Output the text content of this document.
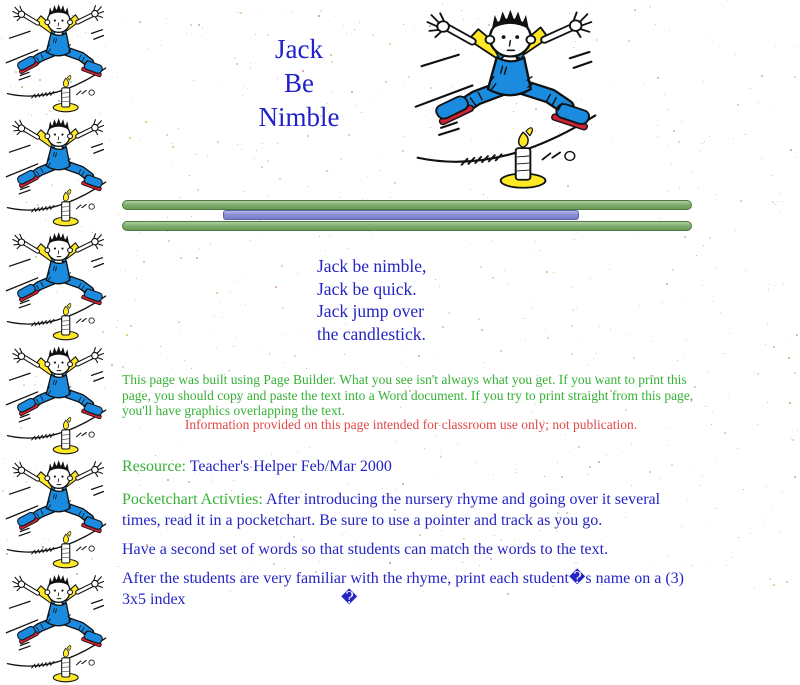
Jack
Be
Nimble
Jack be nimble,
Jack be quick.
Jack jump over
the candlestick.
This page was built using Page Builder. What you see isn't always what you get. If you want to print this page, you should copy and paste the text into a Word document. If you try to print straight from this page, you'll have graphics overlapping the text.
Information provided on this page intended for classroom use only; not publication.
Resource: Teacher's Helper Feb/Mar 2000
Pocketchart Activties: After introducing the nursery rhyme and going over it several times, read it in a pocketchart. Be sure to use a pointer and track as you go.
Have a second set of words so that students can match the words to the text.
After the students are very familiar with the rhyme, print each student�s name on a (3) 3x5 index	�
